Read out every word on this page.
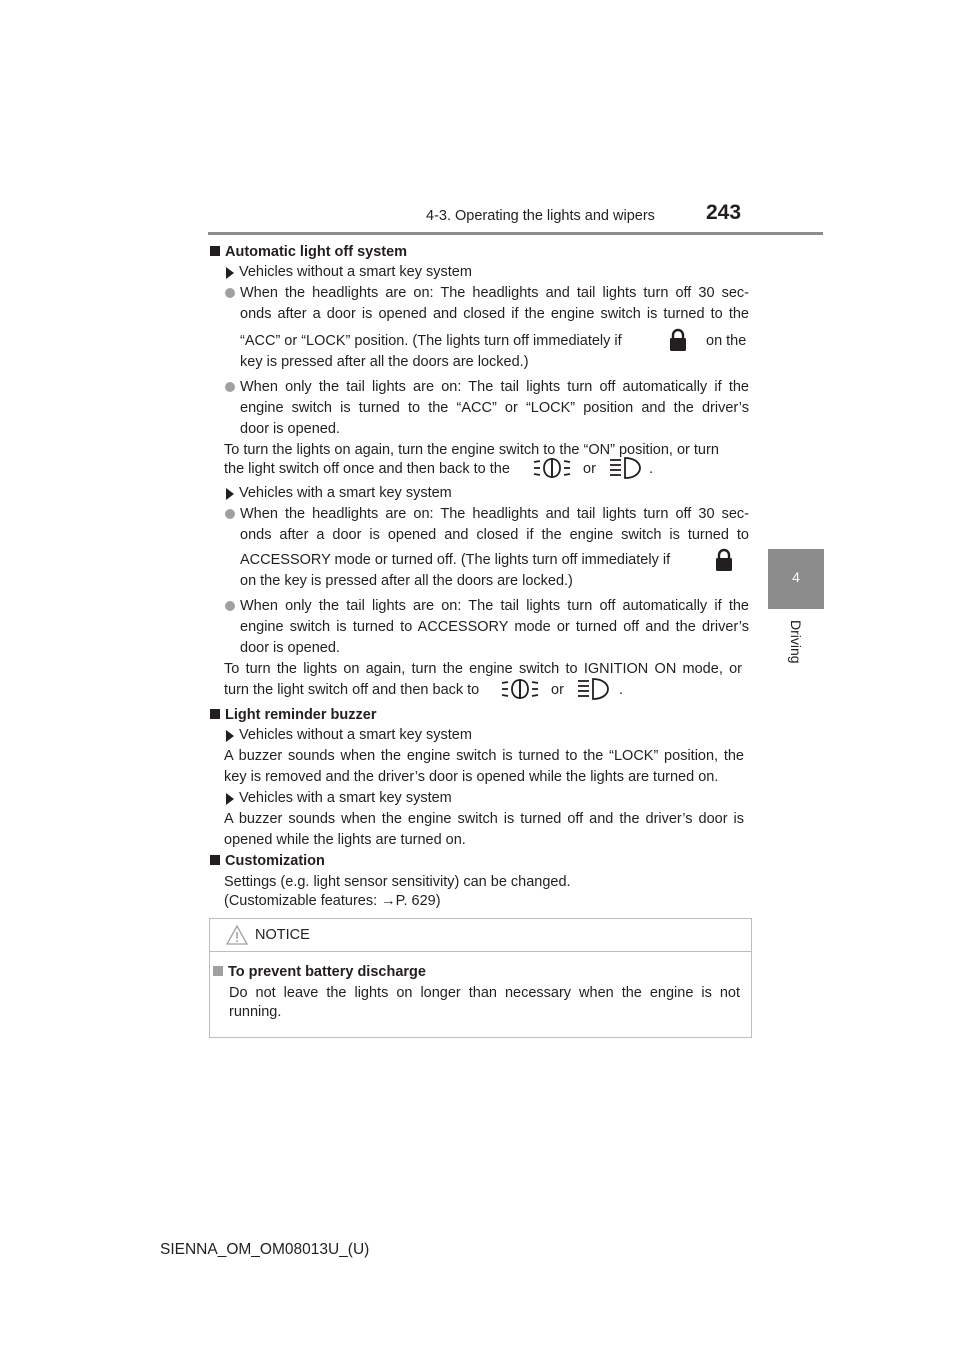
4-3. Operating the lights and wipers 243
4
Driving
Automatic light off system
Vehicles without a smart key system
When the headlights are on: The headlights and tail lights turn off 30 sec-
onds after a door is opened and closed if the engine switch is turned to the
“ACC” or “LOCK” position. (The lights turn off immediately if	on the
key is pressed after all the doors are locked.)
When only the tail lights are on: The tail lights turn off automatically if the
engine switch is turned to the “ACC” or “LOCK” position and the driver’s
door is opened.
To turn the lights on again, turn the engine switch to the “ON” position, or turn
the light switch off once and then back to the	or	.
Vehicles with a smart key system
When the headlights are on: The headlights and tail lights turn off 30 sec-
onds after a door is opened and closed if the engine switch is turned to
ACCESSORY mode or turned off. (The lights turn off immediately if
on the key is pressed after all the doors are locked.)
When only the tail lights are on: The tail lights turn off automatically if the
engine switch is turned to ACCESSORY mode or turned off and the driver’s
door is opened.
To turn the lights on again, turn the engine switch to IGNITION ON mode, or
turn the light switch off and then back to	or	.
Light reminder buzzer
Vehicles without a smart key system
A buzzer sounds when the engine switch is turned to the “LOCK” position, the
key is removed and the driver’s door is opened while the lights are turned on.
Vehicles with a smart key system
A buzzer sounds when the engine switch is turned off and the driver’s door is
opened while the lights are turned on.
Customization
Settings (e.g. light sensor sensitivity) can be changed.
(Customizable features: →P. 629)
NOTICE
To prevent battery discharge
Do not leave the lights on longer than necessary when the engine is not
running.
SIENNA_OM_OM08013U_(U)
